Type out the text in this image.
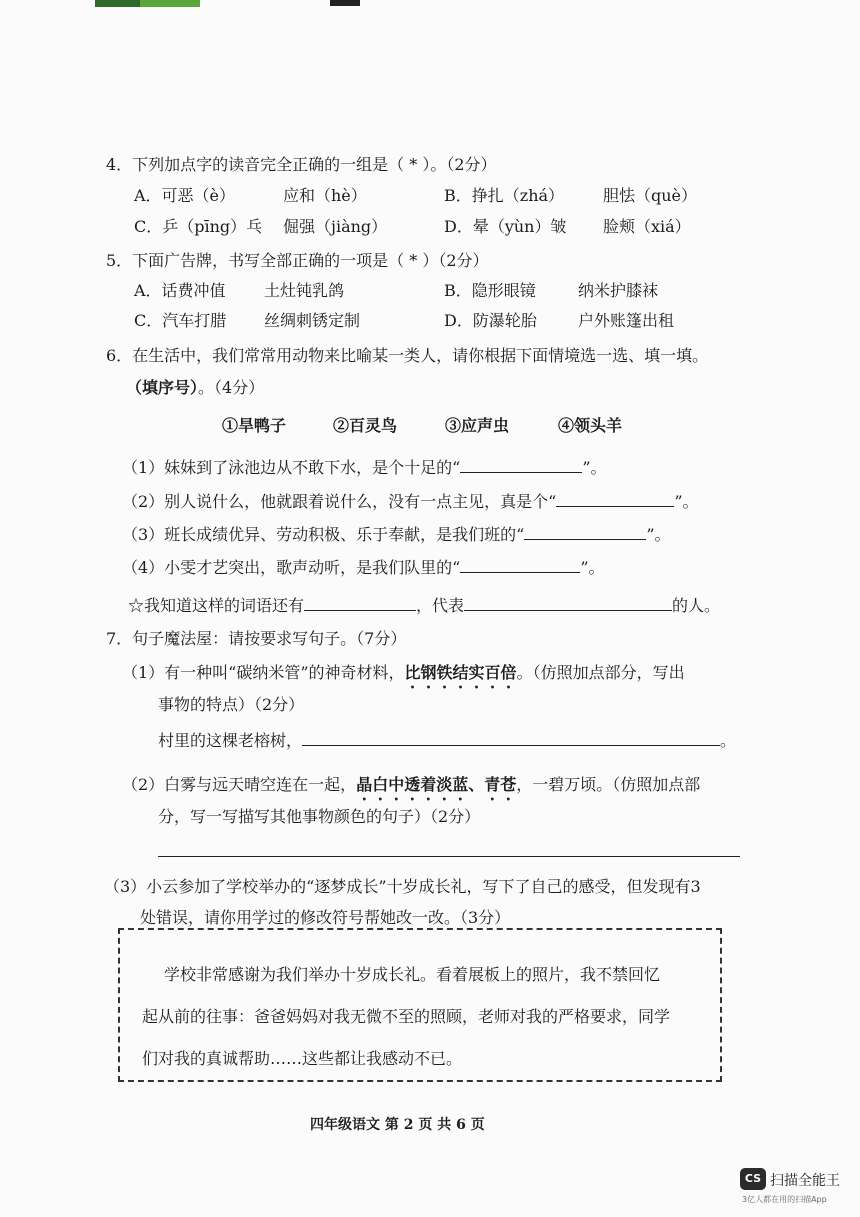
4．下列加点字的读音完全正确的一组是（ * ）。（2分）
A．可恶（è）	应和（hè）	B．挣扎（zhá） 胆怯（què）
C．乒（pīng）乓 倔强（jiàng）	D．晕（yùn）皱 脸颊（xiá）
5．下面广告牌，书写全部正确的一项是（ * ）（2分）
A．话费冲值 土灶钝乳鸽	B．隐形眼镜	纳米护膝袜
C．汽车打腊 丝绸刺锈定制	D．防瀑轮胎	户外账篷出租
6．在生活中，我们常常用动物来比喻某一类人，请你根据下面情境选一选、填一填。
（填序号）。（4分）
①旱鸭子	②百灵鸟	③应声虫	④领头羊
（1）妹妹到了泳池边从不敢下水，是个十足的“	”。
（2）别人说什么，他就跟着说什么，没有一点主见，真是个“	”。
（3）班长成绩优异、劳动积极、乐于奉献，是我们班的“	”。
（4）小雯才艺突出，歌声动听，是我们队里的“	”。
☆我知道这样的词语还有	，代表	的人。
7．句子魔法屋：请按要求写句子。（7分）
（1）有一种叫“碳纳米管”的神奇材料，比钢铁结实百倍。（仿照加点部分，写出
事物的特点）（2分）
村里的这棵老榕树，	。
（2）白雾与远天晴空连在一起，晶白中透着淡蓝、青苍，一碧万顷。（仿照加点部
分，写一写描写其他事物颜色的句子）（2分）
（3）小云参加了学校举办的“逐梦成长”十岁成长礼，写下了自己的感受，但发现有3
处错误，请你用学过的修改符号帮她改一改。（3分）

学校非常感谢为我们举办十岁成长礼。看着展板上的照片，我不禁回忆

起从前的往事：爸爸妈妈对我无微不至的照顾，老师对我的严格要求，同学

们对我的真诚帮助……这些都让我感动不已。

四年级语文 第 2 页 共 6 页
CS 扫描全能王
3亿人都在用的扫描App
